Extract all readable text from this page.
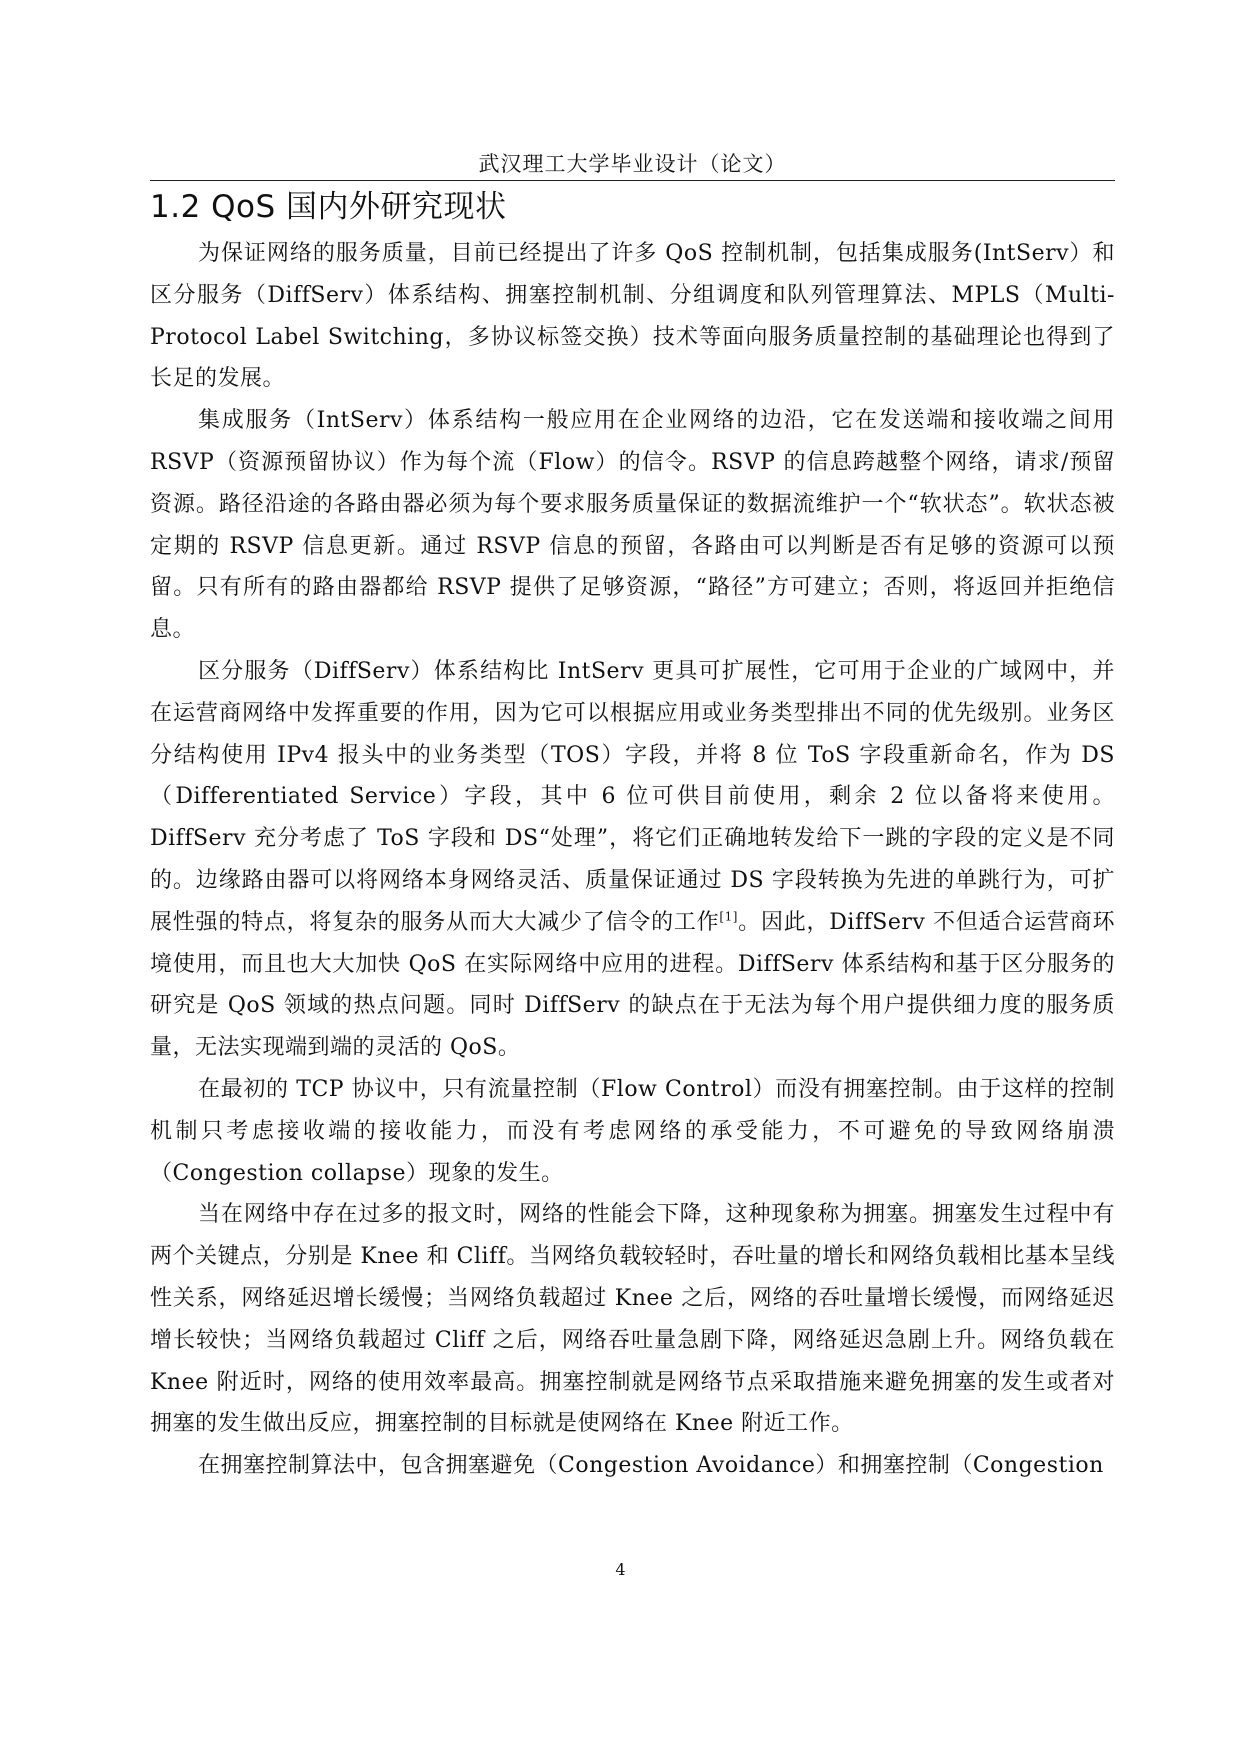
武汉理工大学毕业设计（论文）
1.2 QoS 国内外研究现状

为保证网络的服务质量，目前已经提出了许多 QoS 控制机制，包括集成服务(IntServ）和区分服务（DiffServ）体系结构、拥塞控制机制、分组调度和队列管理算法、MPLS（Multi-Protocol Label Switching，多协议标签交换）技术等面向服务质量控制的基础理论也得到了长足的发展。

集成服务（IntServ）体系结构一般应用在企业网络的边沿，它在发送端和接收端之间用 RSVP（资源预留协议）作为每个流（Flow）的信令。RSVP 的信息跨越整个网络，请求/预留资源。路径沿途的各路由器必须为每个要求服务质量保证的数据流维护一个“软状态”。软状态被定期的 RSVP 信息更新。通过 RSVP 信息的预留，各路由可以判断是否有足够的资源可以预留。只有所有的路由器都给 RSVP 提供了足够资源，“路径”方可建立；否则，将返回并拒绝信息。

区分服务（DiffServ）体系结构比 IntServ 更具可扩展性，它可用于企业的广域网中，并在运营商网络中发挥重要的作用，因为它可以根据应用或业务类型排出不同的优先级别。业务区分结构使用 IPv4 报头中的业务类型（TOS）字段，并将 8 位 ToS 字段重新命名，作为 DS（Differentiated Service）字段，其中 6 位可供目前使用，剩余 2 位以备将来使用。DiffServ 充分考虑了 ToS 字段和 DS“处理”，将它们正确地转发给下一跳的字段的定义是不同的。边缘路由器可以将网络本身网络灵活、质量保证通过 DS 字段转换为先进的单跳行为，可扩展性强的特点，将复杂的服务从而大大减少了信令的工作[1]。因此，DiffServ 不但适合运营商环境使用，而且也大大加快 QoS 在实际网络中应用的进程。DiffServ 体系结构和基于区分服务的研究是 QoS 领域的热点问题。同时 DiffServ 的缺点在于无法为每个用户提供细力度的服务质量，无法实现端到端的灵活的 QoS。

在最初的 TCP 协议中，只有流量控制（Flow Control）而没有拥塞控制。由于这样的控制机制只考虑接收端的接收能力，而没有考虑网络的承受能力，不可避免的导致网络崩溃（Congestion collapse）现象的发生。

当在网络中存在过多的报文时，网络的性能会下降，这种现象称为拥塞。拥塞发生过程中有两个关键点，分别是 Knee 和 Cliff。当网络负载较轻时，吞吐量的增长和网络负载相比基本呈线性关系，网络延迟增长缓慢；当网络负载超过 Knee 之后，网络的吞吐量增长缓慢，而网络延迟增长较快；当网络负载超过 Cliff 之后，网络吞吐量急剧下降，网络延迟急剧上升。网络负载在 Knee 附近时，网络的使用效率最高。拥塞控制就是网络节点采取措施来避免拥塞的发生或者对拥塞的发生做出反应，拥塞控制的目标就是使网络在 Knee 附近工作。

在拥塞控制算法中，包含拥塞避免（Congestion Avoidance）和拥塞控制（Congestion

4
